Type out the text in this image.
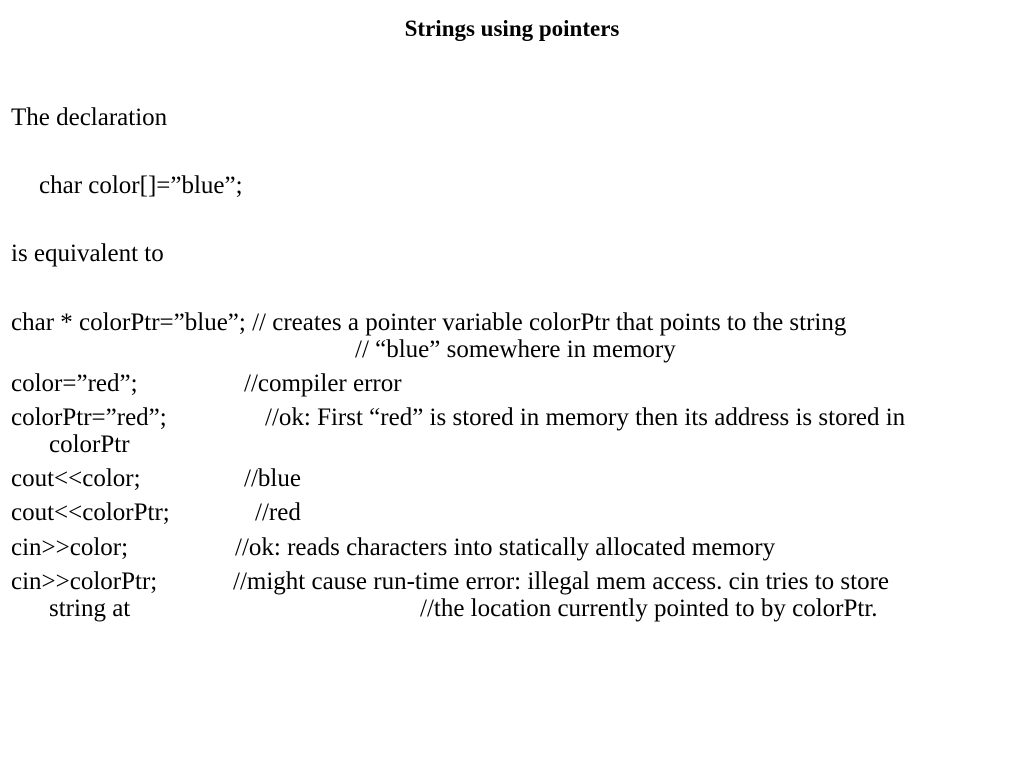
Strings using pointers
The declaration
char color[]=”blue”;
is equivalent to
char * colorPtr=”blue”; // creates a pointer variable colorPtr that points to the string
// “blue” somewhere in memory
color=”red”;	//compiler error
colorPtr=”red”;	//ok: First “red” is stored in memory then its address is stored in
colorPtr
cout<<color;	//blue
cout<<colorPtr;	//red
cin>>color;	//ok: reads characters into statically allocated memory
cin>>colorPtr;	//might cause run-time error: illegal mem access. cin tries to store
string at	//the location currently pointed to by colorPtr.
